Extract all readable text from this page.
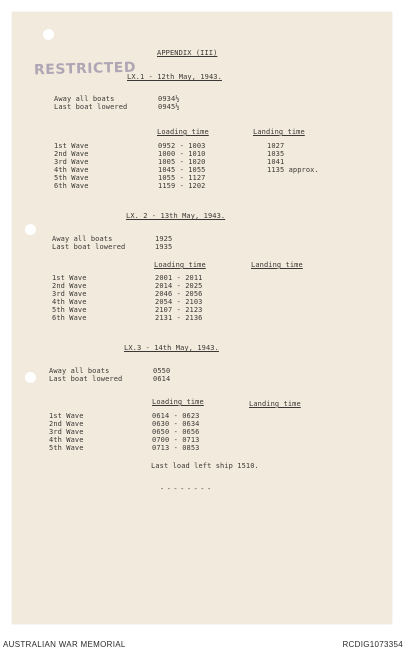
RESTRICTED
APPENDIX (III)
LX.1 - 12th May, 1943.
Away all boats	0934½
Last boat lowered	0945½
Loading time	Landing time
1st Wave	0952 - 1003	1027
2nd Wave	1000 - 1010	1035
3rd Wave	1005 - 1020	1041
4th Wave	1045 - 1055	1135 approx.
5th Wave	1055 - 1127
6th Wave	1159 - 1202
LX. 2 - 13th May, 1943.
Away all boats	1925
Last boat lowered	1935
Loading time	Landing time
1st Wave	2001 - 2011
2nd Wave	2014 - 2025
3rd Wave	2046 - 2056
4th Wave	2054 - 2103
5th Wave	2107 - 2123
6th Wave	2131 - 2136
LX.3 - 14th May, 1943.
Away all boats	0550
Last boat lowered	0614
Loading time	Landing time
1st Wave	0614 - 0623
2nd Wave	0630 - 0634
3rd Wave	0650 - 0656
4th Wave	0700 - 0713
5th Wave	0713 - 0853
Last load left ship 1510.
--------
AUSTRALIAN WAR MEMORIAL	RCDIG1073354
